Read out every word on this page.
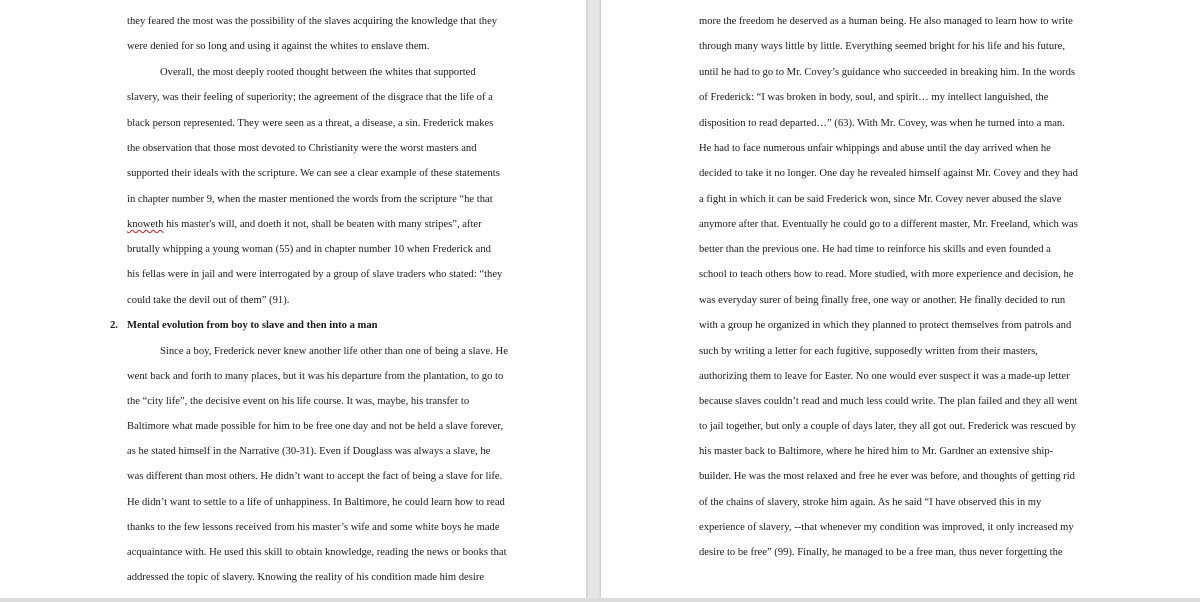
they feared the most was the possibility of the slaves acquiring the knowledge that they
were denied for so long and using it against the whites to enslave them.
Overall, the most deeply rooted thought between the whites that supported
slavery, was their feeling of superiority; the agreement of the disgrace that the life of a
black person represented. They were seen as a threat, a disease, a sin. Frederick makes
the observation that those most devoted to Christianity were the worst masters and
supported their ideals with the scripture. We can see a clear example of these statements
in chapter number 9, when the master mentioned the words from the scripture “he that
knoweth his master's will, and doeth it not, shall be beaten with many stripes”, after
brutally whipping a young woman (55) and in chapter number 10 when Frederick and
his fellas were in jail and were interrogated by a group of slave traders who stated: “they
could take the devil out of them” (91).
2. Mental evolution from boy to slave and then into a man
Since a boy, Frederick never knew another life other than one of being a slave. He
went back and forth to many places, but it was his departure from the plantation, to go to
the “city life”, the decisive event on his life course. It was, maybe, his transfer to
Baltimore what made possible for him to be free one day and not be held a slave forever,
as he stated himself in the Narrative (30-31). Even if Douglass was always a slave, he
was different than most others. He didn’t want to accept the fact of being a slave for life.
He didn’t want to settle to a life of unhappiness. In Baltimore, he could learn how to read
thanks to the few lessons received from his master’s wife and some white boys he made
acquaintance with. He used this skill to obtain knowledge, reading the news or books that
addressed the topic of slavery. Knowing the reality of his condition made him desire
more the freedom he deserved as a human being. He also managed to learn how to write
through many ways little by little. Everything seemed bright for his life and his future,
until he had to go to Mr. Covey’s guidance who succeeded in breaking him. In the words
of Frederick: “I was broken in body, soul, and spirit… my intellect languished, the
disposition to read departed…” (63). With Mr. Covey, was when he turned into a man.
He had to face numerous unfair whippings and abuse until the day arrived when he
decided to take it no longer. One day he revealed himself against Mr. Covey and they had
a fight in which it can be said Frederick won, since Mr. Covey never abused the slave
anymore after that. Eventually he could go to a different master, Mr. Freeland, which was
better than the previous one. He had time to reinforce his skills and even founded a
school to teach others how to read. More studied, with more experience and decision, he
was everyday surer of being finally free, one way or another. He finally decided to run
with a group he organized in which they planned to protect themselves from patrols and
such by writing a letter for each fugitive, supposedly written from their masters,
authorizing them to leave for Easter. No one would ever suspect it was a made-up letter
because slaves couldn’t read and much less could write. The plan failed and they all went
to jail together, but only a couple of days later, they all got out. Frederick was rescued by
his master back to Baltimore, where he hired him to Mr. Gardner an extensive ship-
builder. He was the most relaxed and free he ever was before, and thoughts of getting rid
of the chains of slavery, stroke him again. As he said “I have observed this in my
experience of slavery, --that whenever my condition was improved, it only increased my
desire to be free” (99). Finally, he managed to be a free man, thus never forgetting the
